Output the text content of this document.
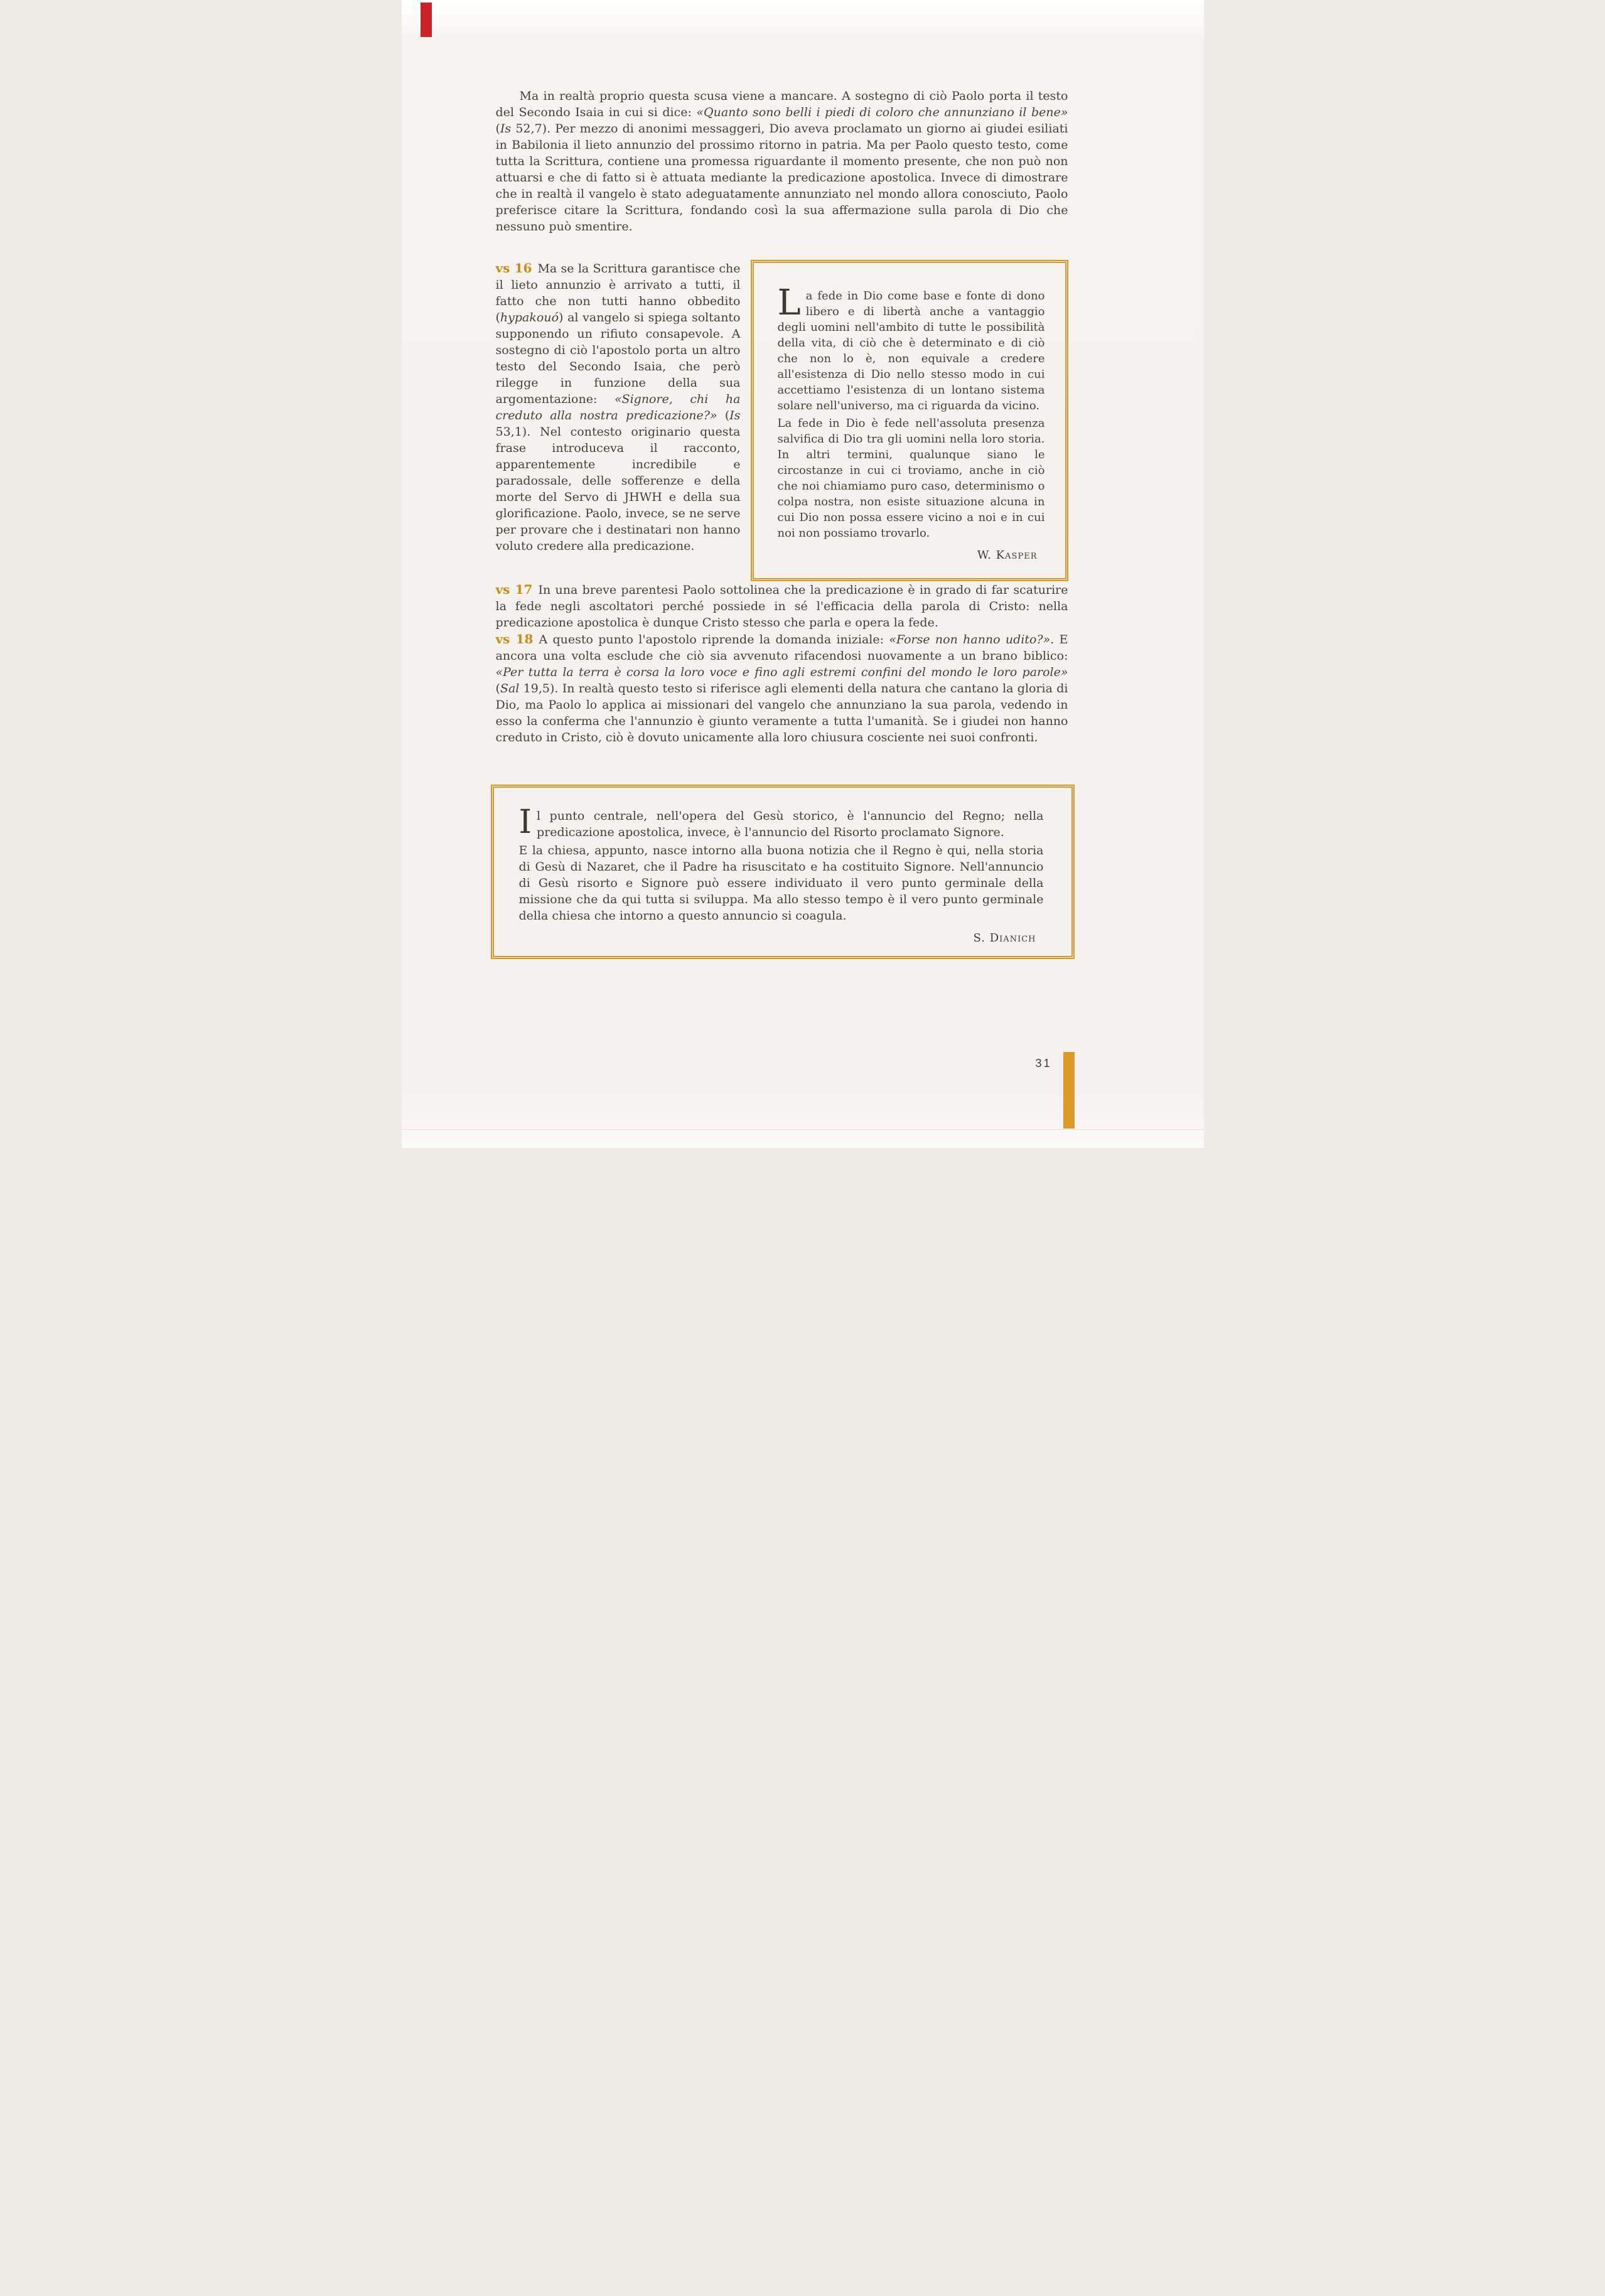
Ma in realtà proprio questa scusa viene a mancare. A sostegno di ciò Paolo porta il testo del Secondo Isaia in cui si dice: «Quanto sono belli i piedi di coloro che annunziano il bene» (Is 52,7). Per mezzo di anonimi messaggeri, Dio aveva proclamato un giorno ai giudei esiliati in Babilonia il lieto annunzio del prossimo ritorno in patria. Ma per Paolo questo testo, come tutta la Scrittura, contiene una promessa riguardante il momento presente, che non può non attuarsi e che di fatto si è attuata mediante la predicazione apostolica. Invece di dimostrare che in realtà il vangelo è stato adeguatamente annunziato nel mondo allora conosciuto, Paolo preferisce citare la Scrittura, fondando così la sua affermazione sulla parola di Dio che nessuno può smentire.

vs 16 Ma se la Scrittura garantisce che il lieto annunzio è arrivato a tutti, il fatto che non tutti hanno obbedito (hypakouó) al vangelo si spiega soltanto supponendo un rifiuto consapevole. A sostegno di ciò l'apostolo porta un altro testo del Secondo Isaia, che però rilegge in funzione della sua argomentazione: «Signore, chi ha creduto alla nostra predicazione?» (Is 53,1). Nel contesto originario questa frase introduceva il racconto, apparentemente incredibile e paradossale, delle sofferenze e della morte del Servo di JHWH e della sua glorificazione. Paolo, invece, se ne serve per provare che i destinatari non hanno voluto credere alla predicazione.

La fede in Dio come base e fonte di dono libero e di libertà anche a vantaggio degli uomini nell'ambito di tutte le possibilità della vita, di ciò che è determinato e di ciò che non lo è, non equivale a credere all'esistenza di Dio nello stesso modo in cui accettiamo l'esistenza di un lontano sistema solare nell'universo, ma ci riguarda da vicino.

La fede in Dio è fede nell'assoluta presenza salvifica di Dio tra gli uomini nella loro storia. In altri termini, qualunque siano le circostanze in cui ci troviamo, anche in ciò che noi chiamiamo puro caso, determinismo o colpa nostra, non esiste situazione alcuna in cui Dio non possa essere vicino a noi e in cui noi non possiamo trovarlo.

W. Kasper

vs 17 In una breve parentesi Paolo sottolinea che la predicazione è in grado di far scaturire la fede negli ascoltatori perché possiede in sé l'efficacia della parola di Cristo: nella predicazione apostolica è dunque Cristo stesso che parla e opera la fede.

vs 18 A questo punto l'apostolo riprende la domanda iniziale: «Forse non hanno udito?». E ancora una volta esclude che ciò sia avvenuto rifacendosi nuovamente a un brano biblico: «Per tutta la terra è corsa la loro voce e fino agli estremi confini del mondo le loro parole» (Sal 19,5). In realtà questo testo si riferisce agli elementi della natura che cantano la gloria di Dio, ma Paolo lo applica ai missionari del vangelo che annunziano la sua parola, vedendo in esso la conferma che l'annunzio è giunto veramente a tutta l'umanità. Se i giudei non hanno creduto in Cristo, ciò è dovuto unicamente alla loro chiusura cosciente nei suoi confronti.

Il punto centrale, nell'opera del Gesù storico, è l'annuncio del Regno; nella predicazione apostolica, invece, è l'annuncio del Risorto proclamato Signore.

E la chiesa, appunto, nasce intorno alla buona notizia che il Regno è qui, nella storia di Gesù di Nazaret, che il Padre ha risuscitato e ha costituito Signore. Nell'annuncio di Gesù risorto e Signore può essere individuato il vero punto germinale della missione che da qui tutta si sviluppa. Ma allo stesso tempo è il vero punto germinale della chiesa che intorno a questo annuncio si coagula.

S. Dianich
31
